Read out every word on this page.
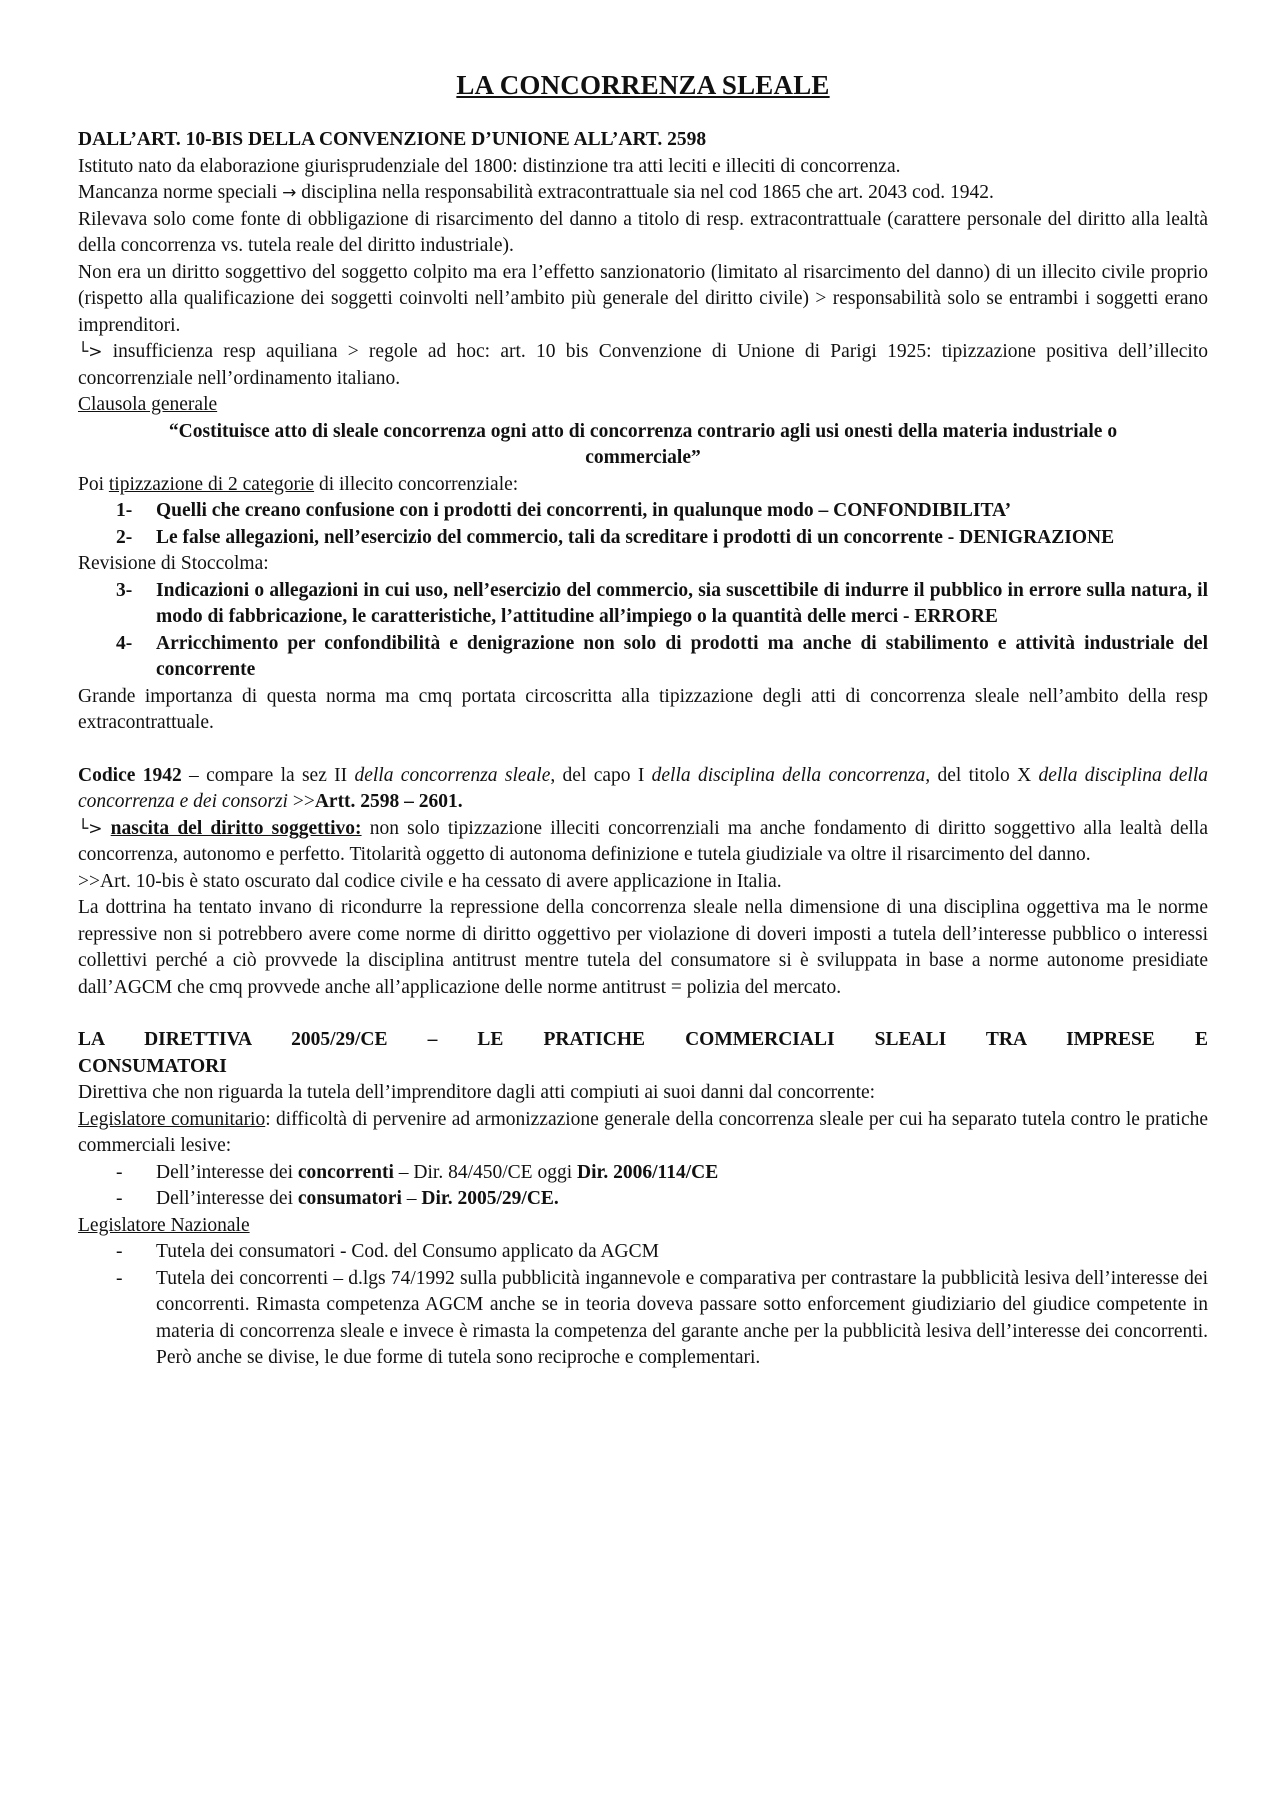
LA CONCORRENZA SLEALE

DALL’ART. 10-BIS DELLA CONVENZIONE D’UNIONE ALL’ART. 2598

Istituto nato da elaborazione giurisprudenziale del 1800: distinzione tra atti leciti e illeciti di concorrenza.

Mancanza norme speciali → disciplina nella responsabilità extracontrattuale sia nel cod 1865 che art. 2043 cod. 1942.

Rilevava solo come fonte di obbligazione di risarcimento del danno a titolo di resp. extracontrattuale (carattere personale del diritto alla lealtà della concorrenza vs. tutela reale del diritto industriale).

Non era un diritto soggettivo del soggetto colpito ma era l’effetto sanzionatorio (limitato al risarcimento del danno) di un illecito civile proprio (rispetto alla qualificazione dei soggetti coinvolti nell’ambito più generale del diritto civile) > responsabilità solo se entrambi i soggetti erano imprenditori.

└> insufficienza resp aquiliana > regole ad hoc: art. 10 bis Convenzione di Unione di Parigi 1925: tipizzazione positiva dell’illecito concorrenziale nell’ordinamento italiano.

Clausola generale

“Costituisce atto di sleale concorrenza ogni atto di concorrenza contrario agli usi onesti della materia industriale o commerciale”

Poi tipizzazione di 2 categorie di illecito concorrenziale:

1- Quelli che creano confusione con i prodotti dei concorrenti, in qualunque modo – CONFONDIBILITA’
2- Le false allegazioni, nell’esercizio del commercio, tali da screditare i prodotti di un concorrente - DENIGRAZIONE

Revisione di Stoccolma:

3- Indicazioni o allegazioni in cui uso, nell’esercizio del commercio, sia suscettibile di indurre il pubblico in errore sulla natura, il modo di fabbricazione, le caratteristiche, l’attitudine all’impiego o la quantità delle merci - ERRORE
4- Arricchimento per confondibilità e denigrazione non solo di prodotti ma anche di stabilimento e attività industriale del concorrente

Grande importanza di questa norma ma cmq portata circoscritta alla tipizzazione degli atti di concorrenza sleale nell’ambito della resp extracontrattuale.

Codice 1942 – compare la sez II della concorrenza sleale, del capo I della disciplina della concorrenza, del titolo X della disciplina della concorrenza e dei consorzi >>Artt. 2598 – 2601.

└> nascita del diritto soggettivo: non solo tipizzazione illeciti concorrenziali ma anche fondamento di diritto soggettivo alla lealtà della concorrenza, autonomo e perfetto. Titolarità oggetto di autonoma definizione e tutela giudiziale va oltre il risarcimento del danno.

>>Art. 10-bis è stato oscurato dal codice civile e ha cessato di avere applicazione in Italia.

La dottrina ha tentato invano di ricondurre la repressione della concorrenza sleale nella dimensione di una disciplina oggettiva ma le norme repressive non si potrebbero avere come norme di diritto oggettivo per violazione di doveri imposti a tutela dell’interesse pubblico o interessi collettivi perché a ciò provvede la disciplina antitrust mentre tutela del consumatore si è sviluppata in base a norme autonome presidiate dall’AGCM che cmq provvede anche all’applicazione delle norme antitrust = polizia del mercato.

LA DIRETTIVA 2005/29/CE – LE PRATICHE COMMERCIALI SLEALI TRA IMPRESE E

CONSUMATORI

Direttiva che non riguarda la tutela dell’imprenditore dagli atti compiuti ai suoi danni dal concorrente:

Legislatore comunitario: difficoltà di pervenire ad armonizzazione generale della concorrenza sleale per cui ha separato tutela contro le pratiche commerciali lesive:

- Dell’interesse dei concorrenti – Dir. 84/450/CE oggi Dir. 2006/114/CE
- Dell’interesse dei consumatori – Dir. 2005/29/CE.

Legislatore Nazionale

- Tutela dei consumatori - Cod. del Consumo applicato da AGCM
- Tutela dei concorrenti – d.lgs 74/1992 sulla pubblicità ingannevole e comparativa per contrastare la pubblicità lesiva dell’interesse dei concorrenti. Rimasta competenza AGCM anche se in teoria doveva passare sotto enforcement giudiziario del giudice competente in materia di concorrenza sleale e invece è rimasta la competenza del garante anche per la pubblicità lesiva dell’interesse dei concorrenti. Però anche se divise, le due forme di tutela sono reciproche e complementari.
